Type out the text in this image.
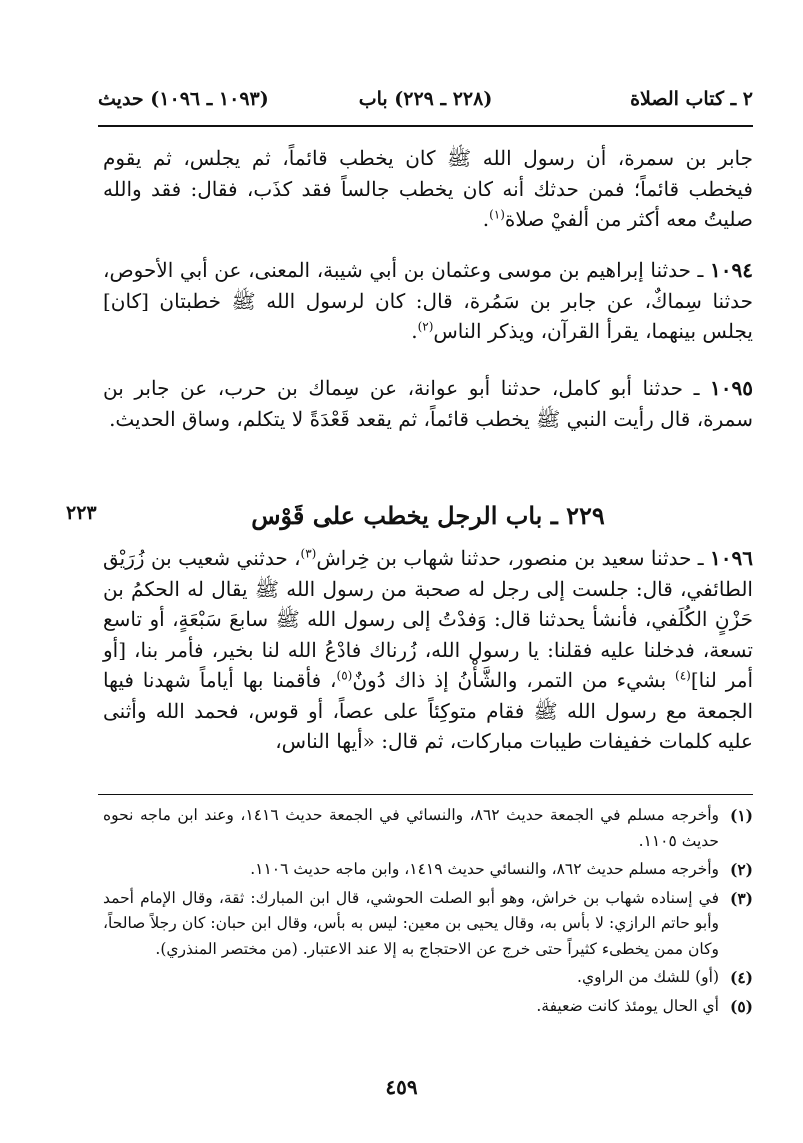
٢ ـ كتاب الصلاة
(٢٢٨ ـ ٢٢٩) باب
(١٠٩٣ ـ ١٠٩٦) حديث
جابر بن سمرة، أن رسول الله ﷺ كان يخطب قائماً، ثم يجلس، ثم يقوم فيخطب قائماً؛ فمن حدثك أنه كان يخطب جالساً فقد كذَب، فقال: فقد والله صليتُ معه أكثر من ألفيْ صلاة$^{(١)}$.
١٠٩٤ ـ حدثنا إبراهيم بن موسى وعثمان بن أبي شيبة، المعنى، عن أبي الأحوص، حدثنا سِماكٌ، عن جابر بن سَمُرة، قال: كان لرسول الله ﷺ خطبتان [كان] يجلس بينهما، يقرأ القرآن، ويذكر الناس$^{(٢)}$.
١٠٩٥ ـ حدثنا أبو كامل، حدثنا أبو عوانة، عن سِماك بن حرب، عن جابر بن سمرة، قال رأيت النبي ﷺ يخطب قائماً، ثم يقعد قَعْدَةً لا يتكلم، وساق الحديث.
٢٢٣	٢٢٩ ـ باب الرجل يخطب على قَوْس
١٠٩٦ ـ حدثنا سعيد بن منصور، حدثنا شهاب بن خِراش$^{(٣)}$، حدثني شعيب بن زُرَيْق الطائفي، قال: جلست إلى رجل له صحبة من رسول الله ﷺ يقال له الحكمُ بن حَزْنٍ الكُلَفي، فأنشأ يحدثنا قال: وَفدْتُ إلى رسول الله ﷺ سابعَ سَبْعَةٍ، أو تاسع تسعة، فدخلنا عليه فقلنا: يا رسول الله، زُرناك فادْعُ الله لنا بخير، فأمر بنا، [أو أمر لنا]$^{(٤)}$ بشيء من التمر، والشَّأْنُ إذ ذاك دُونٌ$^{(٥)}$، فأقمنا بها أياماً شهدنا فيها الجمعة مع رسول الله ﷺ فقام متوكِئاً على عصاً، أو قوس، فحمد الله وأثنى عليه كلمات خفيفات طيبات مباركات، ثم قال: «أيها الناس،
(١)
وأخرجه مسلم في الجمعة حديث ٨٦٢، والنسائي في الجمعة حديث ١٤١٦، وعند ابن ماجه نحوه حديث ١١٠٥.
(٢)
وأخرجه مسلم حديث ٨٦٢، والنسائي حديث ١٤١٩، وابن ماجه حديث ١١٠٦.
(٣)
في إسناده شهاب بن خراش، وهو أبو الصلت الحوشي، قال ابن المبارك: ثقة، وقال الإمام أحمد وأبو حاتم الرازي: لا بأس به، وقال يحيى بن معين: ليس به بأس، وقال ابن حبان: كان رجلاً صالحاً، وكان ممن يخطىء كثيراً حتى خرج عن الاحتجاج به إلا عند الاعتبار. (من مختصر المنذري).
(٤)
(أو) للشك من الراوي.
(٥)
أي الحال يومئذ كانت ضعيفة.
٤٥٩
